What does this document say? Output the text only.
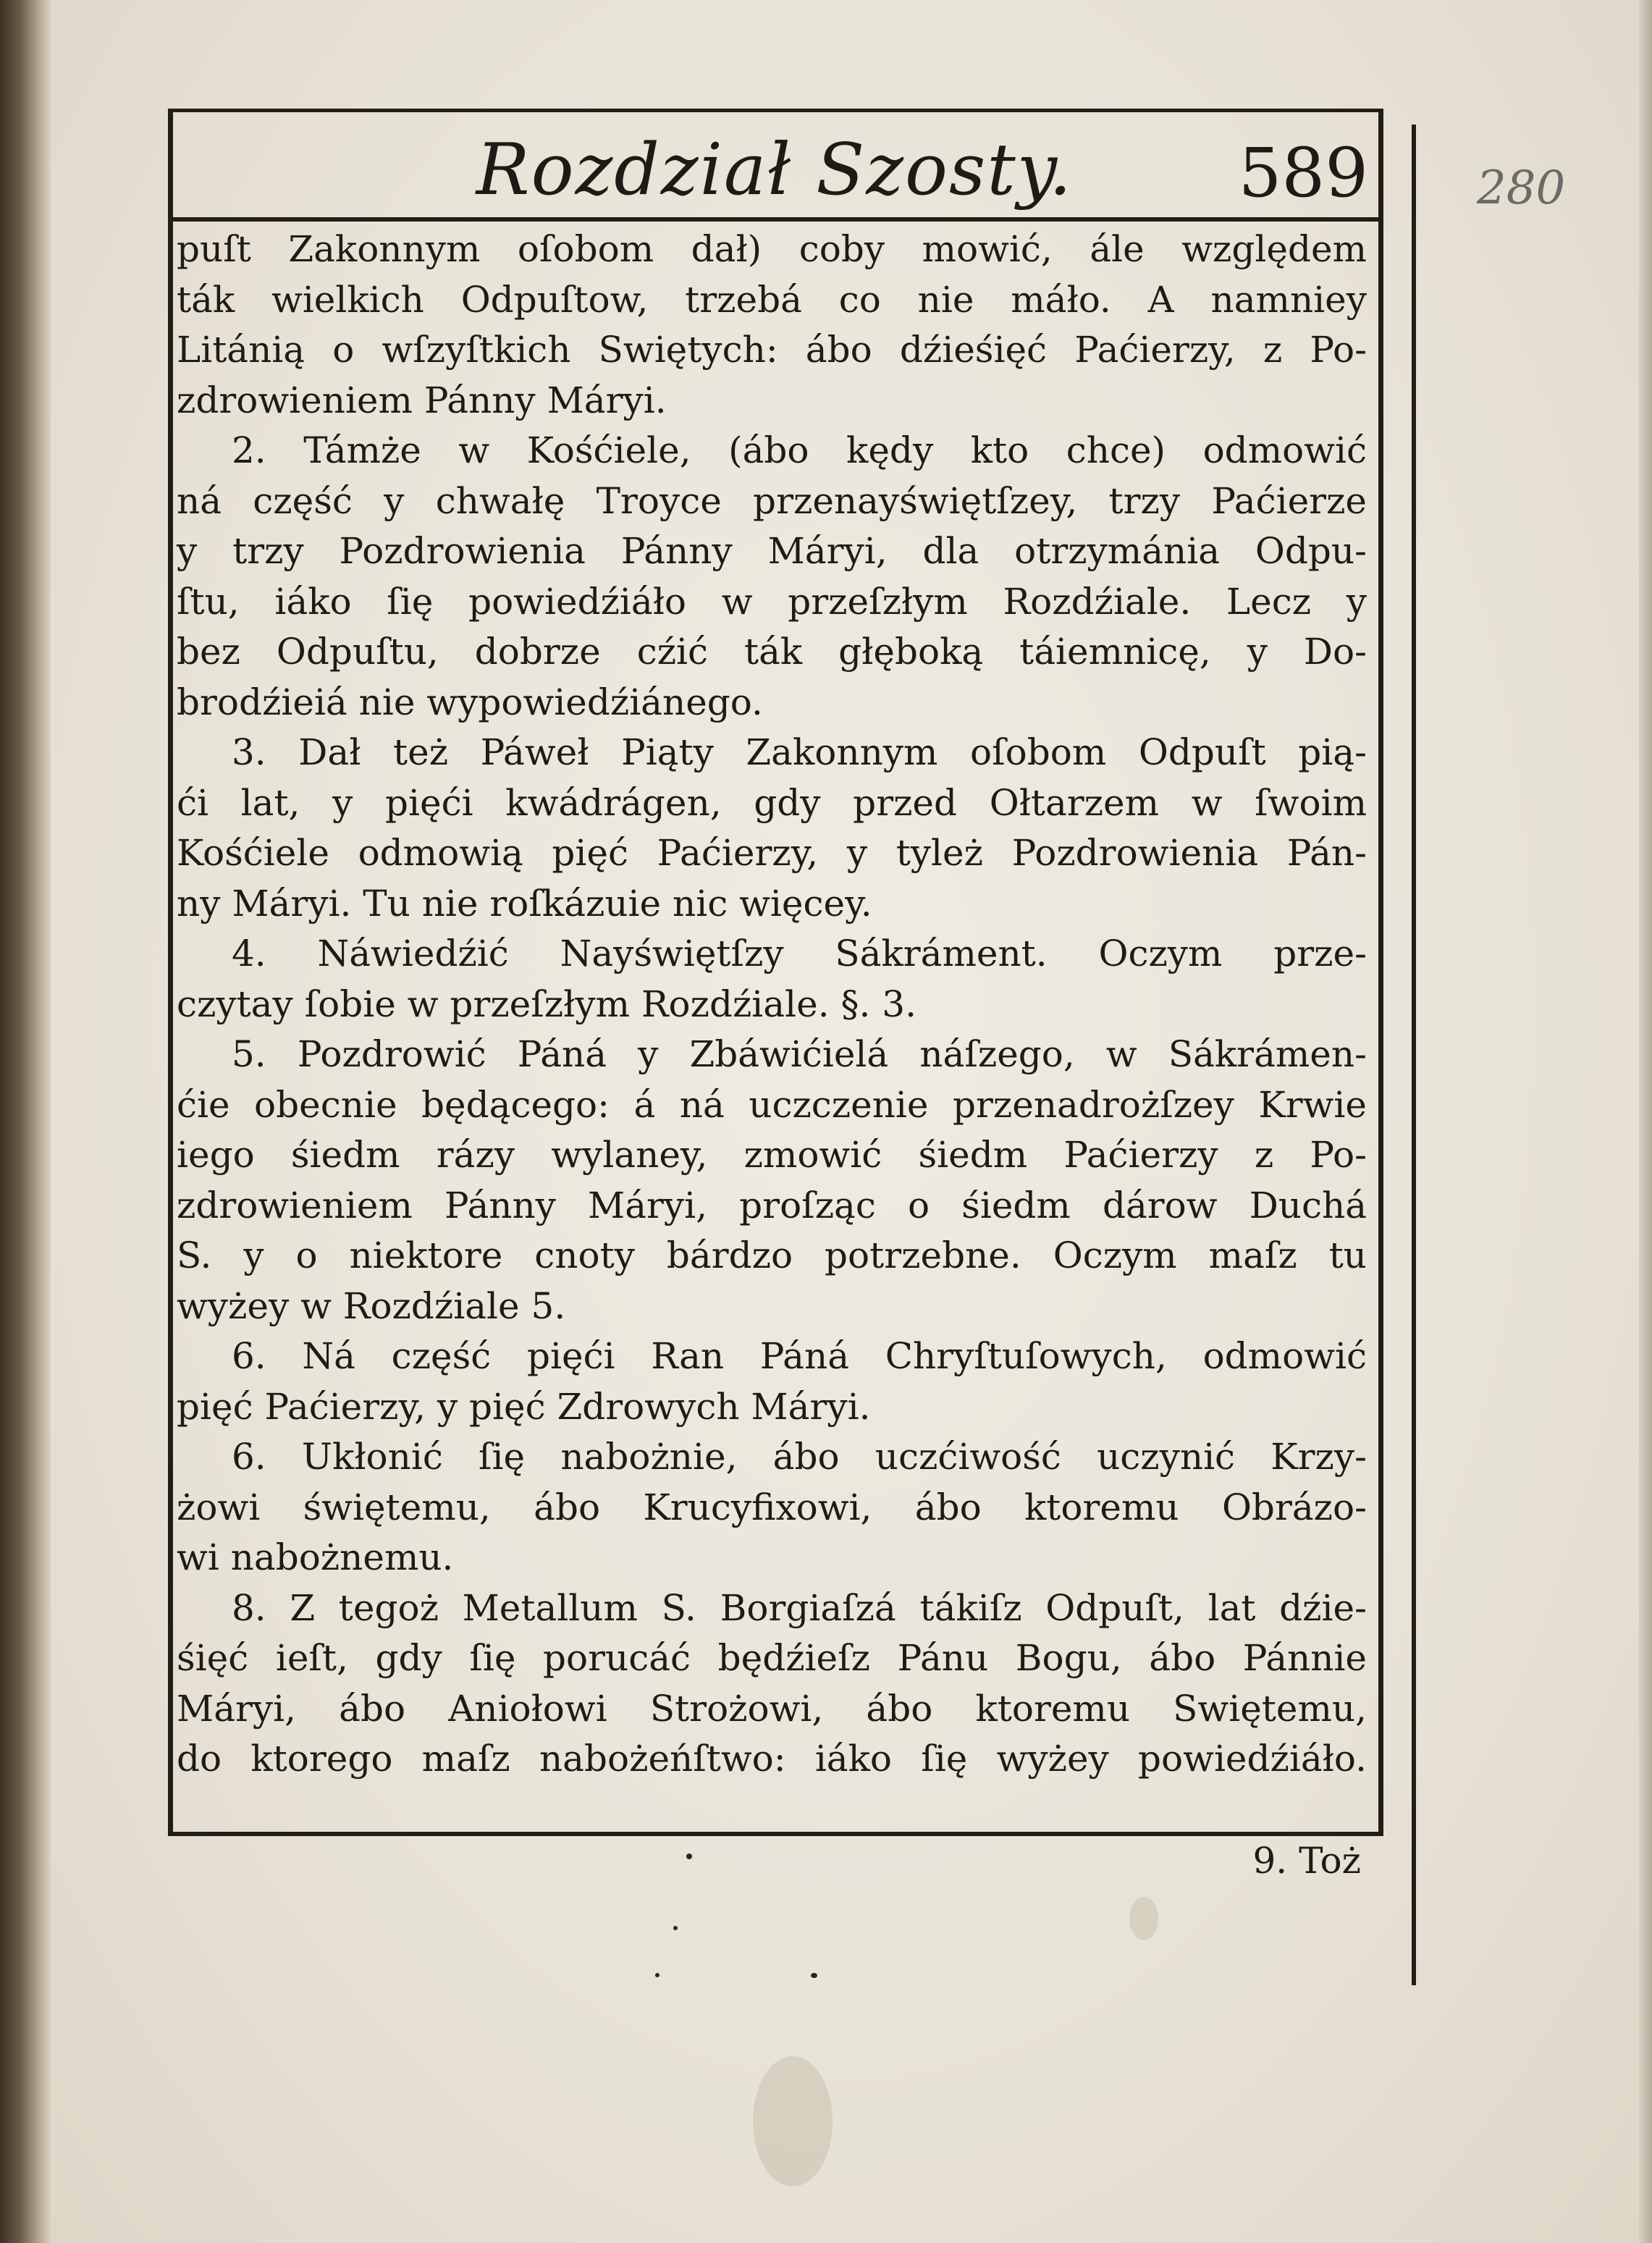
Rozdział Szosty.	589 280
puſt Zakonnym oſobom dał) coby mowić, ále względem
ták wielkich Odpuſtow, trzebá co nie máło. A namniey
Litánią o wſzyſtkich Swiętych: ábo dźieśięć Paćierzy, z Po-
zdrowieniem Pánny Máryi.
2. Támże w Kośćiele, (ábo kędy kto chce) odmowić
ná część y chwałę Troyce przenayświętſzey, trzy Paćierze
y trzy Pozdrowienia Pánny Máryi, dla otrzymánia Odpu-
ſtu, iáko ſię powiedźiáło w przeſzłym Rozdźiale. Lecz y
bez Odpuſtu, dobrze cźić ták głęboką táiemnicę, y Do-
brodźieiá nie wypowiedźiánego.
3. Dał też Páweł Piąty Zakonnym oſobom Odpuſt pią-
ći lat, y pięći kwádrágen, gdy przed Ołtarzem w ſwoim
Kośćiele odmowią pięć Paćierzy, y tyleż Pozdrowienia Pán-
ny Máryi. Tu nie roſkázuie nic więcey.
4. Náwiedźić Nayświętſzy Sákráment. Oczym prze-
czytay ſobie w przeſzłym Rozdźiale. §. 3.
5. Pozdrowić Páná y Zbáwićielá náſzego, w Sákrámen-
ćie obecnie będącego: á ná uczczenie przenadrożſzey Krwie
iego śiedm rázy wylaney, zmowić śiedm Paćierzy z Po-
zdrowieniem Pánny Máryi, proſząc o śiedm dárow Duchá
S. y o niektore cnoty bárdzo potrzebne. Oczym maſz tu
wyżey w Rozdźiale 5.
6. Ná część pięći Ran Páná Chryſtuſowych, odmowić
pięć Paćierzy, y pięć Zdrowych Máryi.
6. Ukłonić ſię nabożnie, ábo uczćiwość uczynić Krzy-
żowi świętemu, ábo Krucyfixowi, ábo ktoremu Obrázo-
wi nabożnemu.
8. Z tegoż Metallum S. Borgiaſzá tákiſz Odpuſt, lat dźie-
śięć ieſt, gdy ſię porucáć będźieſz Pánu Bogu, ábo Pánnie
Máryi, ábo Aniołowi Strożowi, ábo ktoremu Swiętemu,
do ktorego maſz nabożeńſtwo: iáko ſię wyżey powiedźiáło.
9. Toż
